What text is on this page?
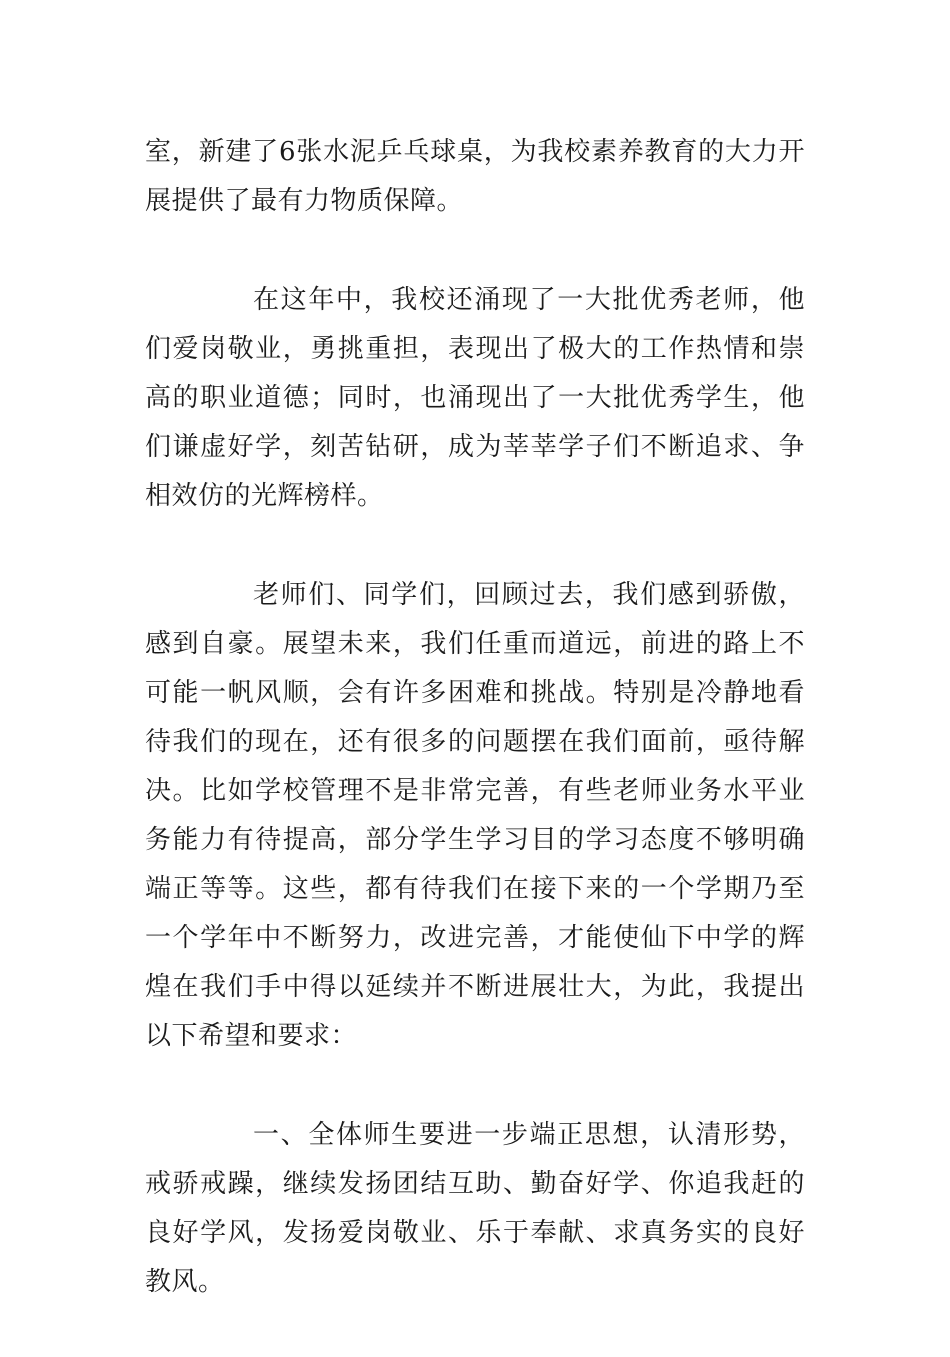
室，新建了6张水泥乒乓球桌，为我校素养教育的大力开展提供了最有力物质保障。

在这年中，我校还涌现了一大批优秀老师，他们爱岗敬业，勇挑重担，表现出了极大的工作热情和崇高的职业道德；同时，也涌现出了一大批优秀学生，他们谦虚好学，刻苦钻研，成为莘莘学子们不断追求、争相效仿的光辉榜样。

老师们、同学们，回顾过去，我们感到骄傲，感到自豪。展望未来，我们任重而道远，前进的路上不可能一帆风顺，会有许多困难和挑战。特别是冷静地看待我们的现在，还有很多的问题摆在我们面前，亟待解决。比如学校管理不是非常完善，有些老师业务水平业务能力有待提高，部分学生学习目的学习态度不够明确端正等等。这些，都有待我们在接下来的一个学期乃至一个学年中不断努力，改进完善，才能使仙下中学的辉煌在我们手中得以延续并不断进展壮大，为此，我提出以下希望和要求：

一、全体师生要进一步端正思想，认清形势，戒骄戒躁，继续发扬团结互助、勤奋好学、你追我赶的良好学风，发扬爱岗敬业、乐于奉献、求真务实的良好教风。
